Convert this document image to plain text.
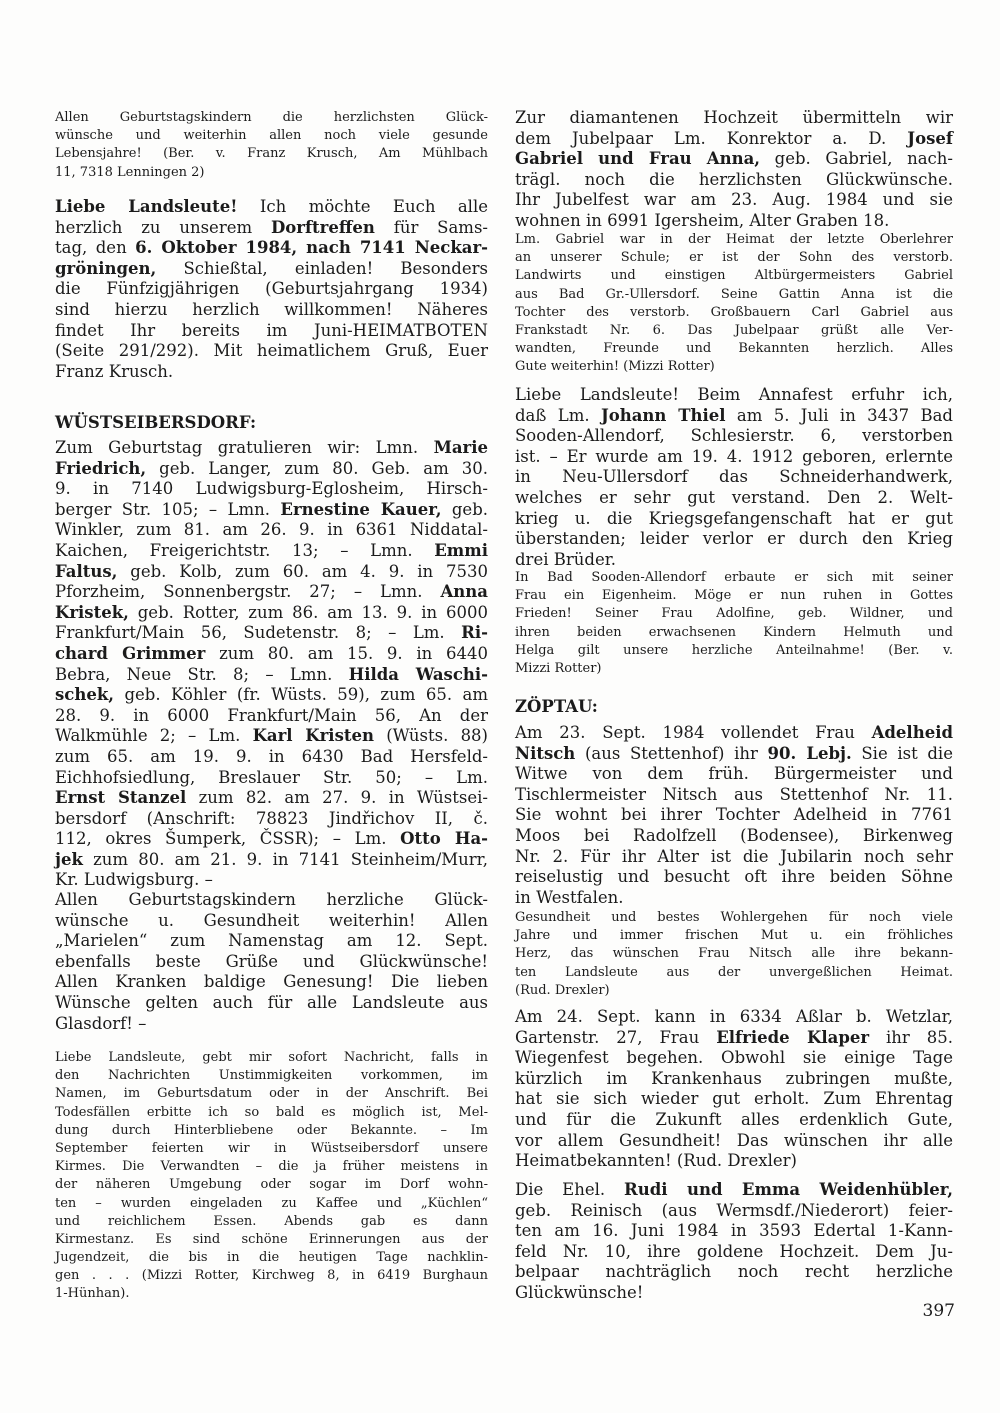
Allen Geburtstagskindern die herzlichsten Glück-
wünsche und weiterhin allen noch viele gesunde
Lebensjahre! (Ber. v. Franz Krusch, Am Mühlbach
11, 7318 Lenningen 2)
Liebe Landsleute! Ich möchte Euch alle
herzlich zu unserem Dorftreffen für Sams-
tag, den 6. Oktober 1984, nach 7141 Neckar-
gröningen, Schießtal, einladen! Besonders
die Fünfzigjährigen (Geburtsjahrgang 1934)
sind hierzu herzlich willkommen! Näheres
findet Ihr bereits im Juni-HEIMATBOTEN
(Seite 291/292). Mit heimatlichem Gruß, Euer
Franz Krusch.
WÜSTSEIBERSDORF:
Zum Geburtstag gratulieren wir: Lmn. Marie
Friedrich, geb. Langer, zum 80. Geb. am 30.
9. in 7140 Ludwigsburg-Eglosheim, Hirsch-
berger Str. 105; – Lmn. Ernestine Kauer, geb.
Winkler, zum 81. am 26. 9. in 6361 Niddatal-
Kaichen, Freigerichtstr. 13; – Lmn. Emmi
Faltus, geb. Kolb, zum 60. am 4. 9. in 7530
Pforzheim, Sonnenbergstr. 27; – Lmn. Anna
Kristek, geb. Rotter, zum 86. am 13. 9. in 6000
Frankfurt/Main 56, Sudetenstr. 8; – Lm. Ri-
chard Grimmer zum 80. am 15. 9. in 6440
Bebra, Neue Str. 8; – Lmn. Hilda Waschi-
schek, geb. Köhler (fr. Wüsts. 59), zum 65. am
28. 9. in 6000 Frankfurt/Main 56, An der
Walkmühle 2; – Lm. Karl Kristen (Wüsts. 88)
zum 65. am 19. 9. in 6430 Bad Hersfeld-
Eichhofsiedlung, Breslauer Str. 50; – Lm.
Ernst Stanzel zum 82. am 27. 9. in Wüstsei-
bersdorf (Anschrift: 78823 Jindřichov II, č.
112, okres Šumperk, ČSSR); – Lm. Otto Ha-
jek zum 80. am 21. 9. in 7141 Steinheim/Murr,
Kr. Ludwigsburg. –
Allen Geburtstagskindern herzliche Glück-
wünsche u. Gesundheit weiterhin! Allen
„Marielen“ zum Namenstag am 12. Sept.
ebenfalls beste Grüße und Glückwünsche!
Allen Kranken baldige Genesung! Die lieben
Wünsche gelten auch für alle Landsleute aus
Glasdorf! –
Liebe Landsleute, gebt mir sofort Nachricht, falls in
den Nachrichten Unstimmigkeiten vorkommen, im
Namen, im Geburtsdatum oder in der Anschrift. Bei
Todesfällen erbitte ich so bald es möglich ist, Mel-
dung durch Hinterbliebene oder Bekannte. – Im
September feierten wir in Wüstseibersdorf unsere
Kirmes. Die Verwandten – die ja früher meistens in
der näheren Umgebung oder sogar im Dorf wohn-
ten – wurden eingeladen zu Kaffee und „Küchlen“
und reichlichem Essen. Abends gab es dann
Kirmestanz. Es sind schöne Erinnerungen aus der
Jugendzeit, die bis in die heutigen Tage nachklin-
gen . . . (Mizzi Rotter, Kirchweg 8, in 6419 Burghaun
1-Hünhan).
Zur diamantenen Hochzeit übermitteln wir
dem Jubelpaar Lm. Konrektor a. D. Josef
Gabriel und Frau Anna, geb. Gabriel, nach-
trägl. noch die herzlichsten Glückwünsche.
Ihr Jubelfest war am 23. Aug. 1984 und sie
wohnen in 6991 Igersheim, Alter Graben 18.
Lm. Gabriel war in der Heimat der letzte Oberlehrer
an unserer Schule; er ist der Sohn des verstorb.
Landwirts und einstigen Altbürgermeisters Gabriel
aus Bad Gr.-Ullersdorf. Seine Gattin Anna ist die
Tochter des verstorb. Großbauern Carl Gabriel aus
Frankstadt Nr. 6. Das Jubelpaar grüßt alle Ver-
wandten, Freunde und Bekannten herzlich. Alles
Gute weiterhin! (Mizzi Rotter)
Liebe Landsleute! Beim Annafest erfuhr ich,
daß Lm. Johann Thiel am 5. Juli in 3437 Bad
Sooden-Allendorf, Schlesierstr. 6, verstorben
ist. – Er wurde am 19. 4. 1912 geboren, erlernte
in Neu-Ullersdorf das Schneiderhandwerk,
welches er sehr gut verstand. Den 2. Welt-
krieg u. die Kriegsgefangenschaft hat er gut
überstanden; leider verlor er durch den Krieg
drei Brüder.
In Bad Sooden-Allendorf erbaute er sich mit seiner
Frau ein Eigenheim. Möge er nun ruhen in Gottes
Frieden! Seiner Frau Adolfine, geb. Wildner, und
ihren beiden erwachsenen Kindern Helmuth und
Helga gilt unsere herzliche Anteilnahme! (Ber. v.
Mizzi Rotter)
ZÖPTAU:
Am 23. Sept. 1984 vollendet Frau Adelheid
Nitsch (aus Stettenhof) ihr 90. Lebj. Sie ist die
Witwe von dem früh. Bürgermeister und
Tischlermeister Nitsch aus Stettenhof Nr. 11.
Sie wohnt bei ihrer Tochter Adelheid in 7761
Moos bei Radolfzell (Bodensee), Birkenweg
Nr. 2. Für ihr Alter ist die Jubilarin noch sehr
reiselustig und besucht oft ihre beiden Söhne
in Westfalen.
Gesundheit und bestes Wohlergehen für noch viele
Jahre und immer frischen Mut u. ein fröhliches
Herz, das wünschen Frau Nitsch alle ihre bekann-
ten Landsleute aus der unvergeßlichen Heimat.
(Rud. Drexler)
Am 24. Sept. kann in 6334 Aßlar b. Wetzlar,
Gartenstr. 27, Frau Elfriede Klaper ihr 85.
Wiegenfest begehen. Obwohl sie einige Tage
kürzlich im Krankenhaus zubringen mußte,
hat sie sich wieder gut erholt. Zum Ehrentag
und für die Zukunft alles erdenklich Gute,
vor allem Gesundheit! Das wünschen ihr alle
Heimatbekannten! (Rud. Drexler)
Die Ehel. Rudi und Emma Weidenhübler,
geb. Reinisch (aus Wermsdf./Niederort) feier-
ten am 16. Juni 1984 in 3593 Edertal 1-Kann-
feld Nr. 10, ihre goldene Hochzeit. Dem Ju-
belpaar nachträglich noch recht herzliche
Glückwünsche!
397
